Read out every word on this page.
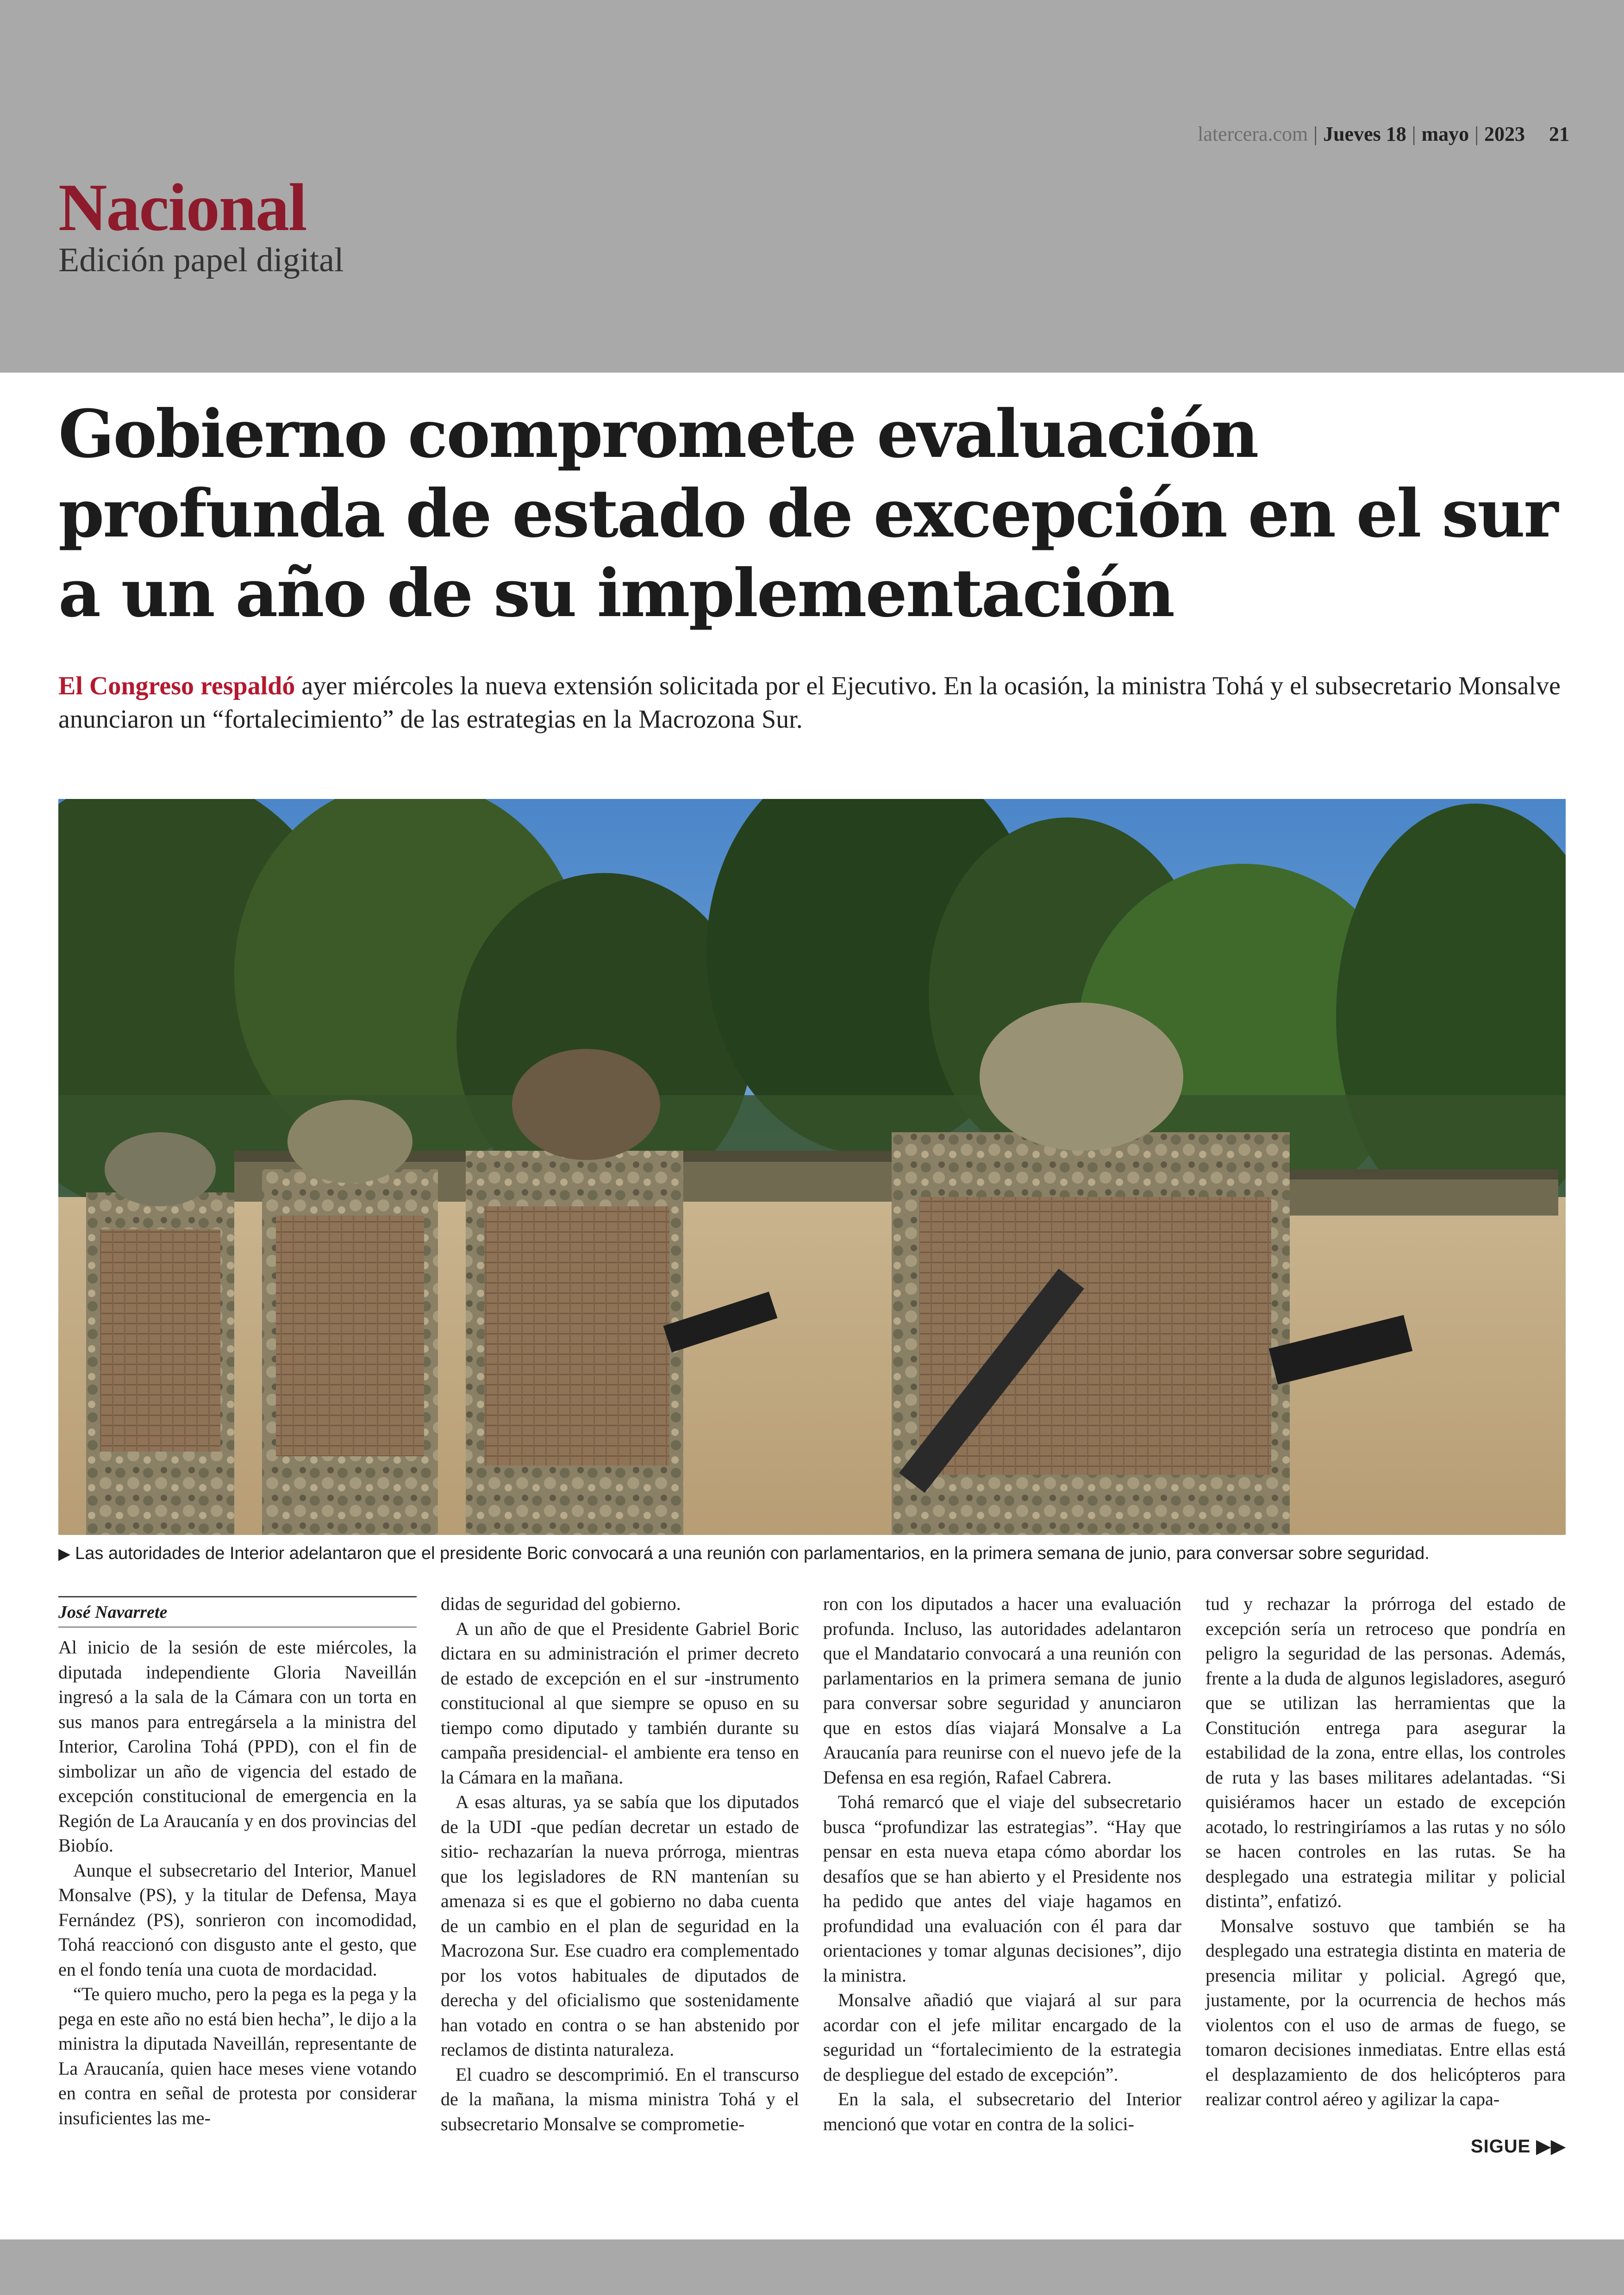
Nacional
Edición papel digital
latercera.com | Jueves 18 | mayo | 2023 21
Gobierno compromete evaluación profunda de estado de excepción en el sur a un año de su implementación
El Congreso respaldó ayer miércoles la nueva extensión solicitada por el Ejecutivo. En la ocasión, la ministra Tohá y el subsecretario Monsalve anunciaron un “fortalecimiento” de las estrategias en la Macrozona Sur.
▶ Las autoridades de Interior adelantaron que el presidente Boric convocará a una reunión con parlamentarios, en la primera semana de junio, para conversar sobre seguridad.
José Navarrete

Al inicio de la sesión de este miércoles, la diputada independiente Gloria Naveillán ingresó a la sala de la Cámara con un torta en sus manos para entregársela a la ministra del Interior, Carolina Tohá (PPD), con el fin de simbolizar un año de vigencia del estado de excepción constitucional de emergencia en la Región de La Araucanía y en dos provincias del Biobío.

Aunque el subsecretario del Interior, Manuel Monsalve (PS), y la titular de Defensa, Maya Fernández (PS), sonrieron con incomodidad, Tohá reaccionó con disgusto ante el gesto, que en el fondo tenía una cuota de mordacidad.

“Te quiero mucho, pero la pega es la pega y la pega en este año no está bien hecha”, le dijo a la ministra la diputada Naveillán, representante de La Araucanía, quien hace meses viene votando en contra en señal de protesta por considerar insuficientes las me-

didas de seguridad del gobierno.

A un año de que el Presidente Gabriel Boric dictara en su administración el primer decreto de estado de excepción en el sur -instrumento constitucional al que siempre se opuso en su tiempo como diputado y también durante su campaña presidencial- el ambiente era tenso en la Cámara en la mañana.

A esas alturas, ya se sabía que los diputados de la UDI -que pedían decretar un estado de sitio- rechazarían la nueva prórroga, mientras que los legisladores de RN mantenían su amenaza si es que el gobierno no daba cuenta de un cambio en el plan de seguridad en la Macrozona Sur. Ese cuadro era complementado por los votos habituales de diputados de derecha y del oficialismo que sostenidamente han votado en contra o se han abstenido por reclamos de distinta naturaleza.

El cuadro se descomprimió. En el transcurso de la mañana, la misma ministra Tohá y el subsecretario Monsalve se comprometie-

ron con los diputados a hacer una evaluación profunda. Incluso, las autoridades adelantaron que el Mandatario convocará a una reunión con parlamentarios en la primera semana de junio para conversar sobre seguridad y anunciaron que en estos días viajará Monsalve a La Araucanía para reunirse con el nuevo jefe de la Defensa en esa región, Rafael Cabrera.

Tohá remarcó que el viaje del subsecretario busca “profundizar las estrategias”. “Hay que pensar en esta nueva etapa cómo abordar los desafíos que se han abierto y el Presidente nos ha pedido que antes del viaje hagamos en profundidad una evaluación con él para dar orientaciones y tomar algunas decisiones”, dijo la ministra.

Monsalve añadió que viajará al sur para acordar con el jefe militar encargado de la seguridad un “fortalecimiento de la estrategia de despliegue del estado de excepción”.

En la sala, el subsecretario del Interior mencionó que votar en contra de la solici-

tud y rechazar la prórroga del estado de excepción sería un retroceso que pondría en peligro la seguridad de las personas. Además, frente a la duda de algunos legisladores, aseguró que se utilizan las herramientas que la Constitución entrega para asegurar la estabilidad de la zona, entre ellas, los controles de ruta y las bases militares adelantadas. “Si quisiéramos hacer un estado de excepción acotado, lo restringiríamos a las rutas y no sólo se hacen controles en las rutas. Se ha desplegado una estrategia militar y policial distinta”, enfatizó.

Monsalve sostuvo que también se ha desplegado una estrategia distinta en materia de presencia militar y policial. Agregó que, justamente, por la ocurrencia de hechos más violentos con el uso de armas de fuego, se tomaron decisiones inmediatas. Entre ellas está el desplazamiento de dos helicópteros para realizar control aéreo y agilizar la capa-

SIGUE ▶▶
